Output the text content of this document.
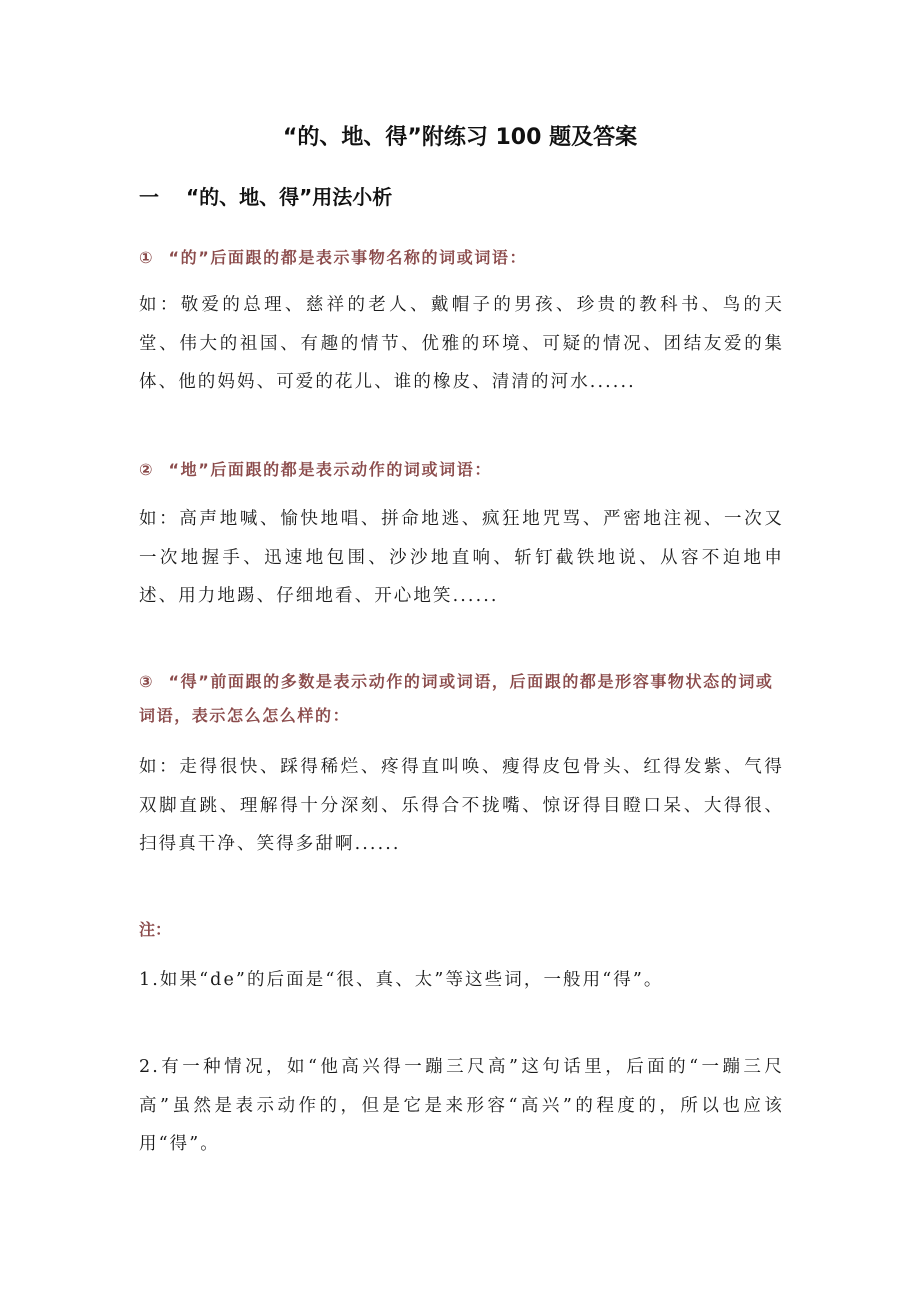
“的、地、得”附练习 100 题及答案
一　 “的、地、得”用法小析
①  “的”后面跟的都是表示事物名称的词或词语：
如：敬爱的总理、慈祥的老人、戴帽子的男孩、珍贵的教科书、鸟的天堂、伟大的祖国、有趣的情节、优雅的环境、可疑的情况、团结友爱的集体、他的妈妈、可爱的花儿、谁的橡皮、清清的河水......
②  “地”后面跟的都是表示动作的词或词语：
如：高声地喊、愉快地唱、拼命地逃、疯狂地咒骂、严密地注视、一次又一次地握手、迅速地包围、沙沙地直响、斩钉截铁地说、从容不迫地申述、用力地踢、仔细地看、开心地笑......
③  “得”前面跟的多数是表示动作的词或词语，后面跟的都是形容事物状态的词或词语，表示怎么怎么样的：
如：走得很快、踩得稀烂、疼得直叫唤、瘦得皮包骨头、红得发紫、气得双脚直跳、理解得十分深刻、乐得合不拢嘴、惊讶得目瞪口呆、大得很、扫得真干净、笑得多甜啊......
注：
1.如果“de”的后面是“很、真、太”等这些词，一般用“得”。
2.有一种情况，如“他高兴得一蹦三尺高”这句话里，后面的“一蹦三尺高”虽然是表示动作的，但是它是来形容“高兴”的程度的，所以也应该用“得”。
